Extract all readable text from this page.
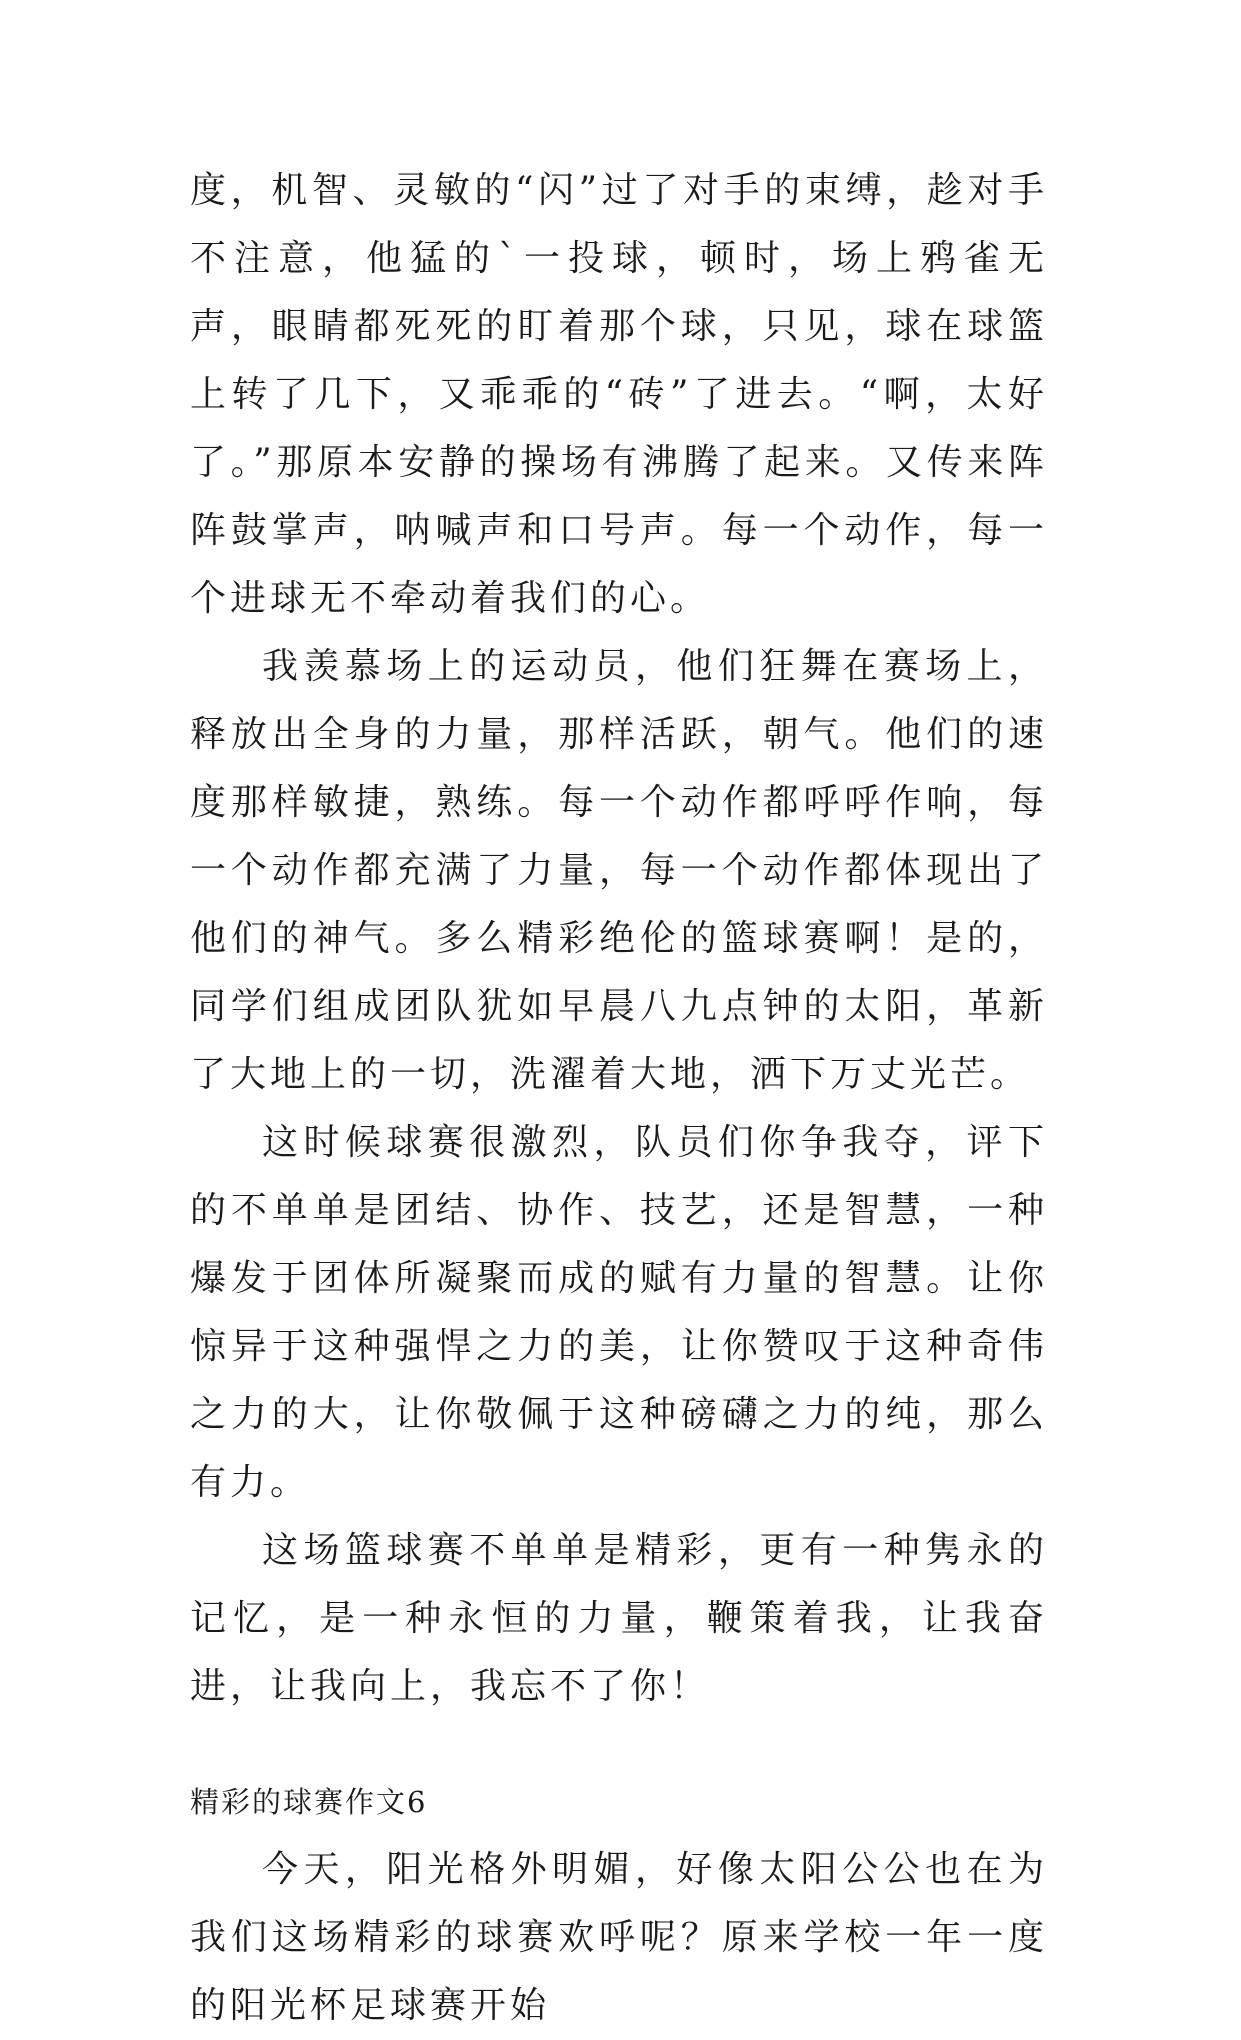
度，机智、灵敏的“闪”过了对手的束缚，趁对手不注意，他猛的`一投球，顿时，场上鸦雀无声，眼睛都死死的盯着那个球，只见，球在球篮上转了几下，又乖乖的“砖”了进去。“啊，太好了。”那原本安静的操场有沸腾了起来。又传来阵阵鼓掌声，呐喊声和口号声。每一个动作，每一个进球无不牵动着我们的心。

我羡慕场上的运动员，他们狂舞在赛场上，释放出全身的力量，那样活跃，朝气。他们的速度那样敏捷，熟练。每一个动作都呼呼作响，每一个动作都充满了力量，每一个动作都体现出了他们的神气。多么精彩绝伦的篮球赛啊！是的，同学们组成团队犹如早晨八九点钟的太阳，革新了大地上的一切，洗濯着大地，洒下万丈光芒。

这时候球赛很激烈，队员们你争我夺，评下的不单单是团结、协作、技艺，还是智慧，一种爆发于团体所凝聚而成的赋有力量的智慧。让你惊异于这种强悍之力的美，让你赞叹于这种奇伟之力的大，让你敬佩于这种磅礴之力的纯，那么有力。

这场篮球赛不单单是精彩，更有一种隽永的记忆，是一种永恒的力量，鞭策着我，让我奋进，让我向上，我忘不了你！

精彩的球赛作文6

今天，阳光格外明媚，好像太阳公公也在为我们这场精彩的球赛欢呼呢？原来学校一年一度的阳光杯足球赛开始
